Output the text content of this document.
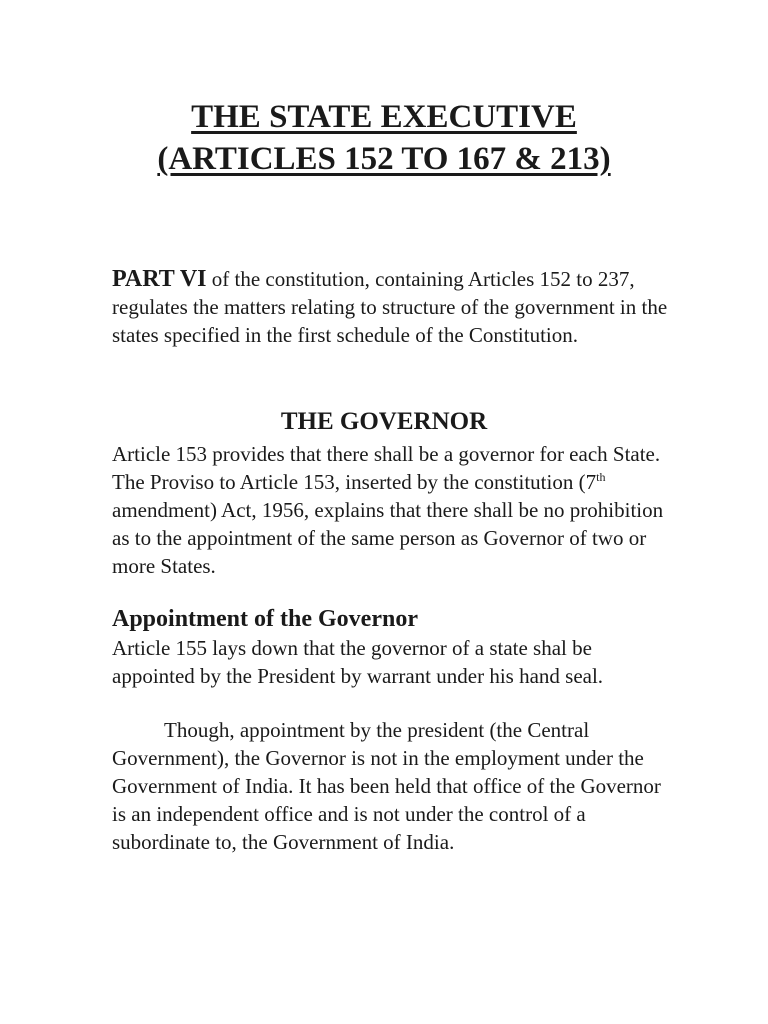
THE STATE EXECUTIVE
(ARTICLES 152 TO 167 & 213)

PART VI of the constitution, containing Articles 152 to 237, regulates the matters relating to structure of the government in the states specified in the first schedule of the Constitution.

THE GOVERNOR

Article 153 provides that there shall be a governor for each State. The Proviso to Article 153, inserted by the constitution (7th amendment) Act, 1956, explains that there shall be no prohibition as to the appointment of the same person as Governor of two or more States.

Appointment of the Governor

Article 155 lays down that the governor of a state shal be appointed by the President by warrant under his hand seal.

Though, appointment by the president (the Central Government), the Governor is not in the employment under the Government of India. It has been held that office of the Governor is an independent office and is not under the control of a subordinate to, the Government of India.
